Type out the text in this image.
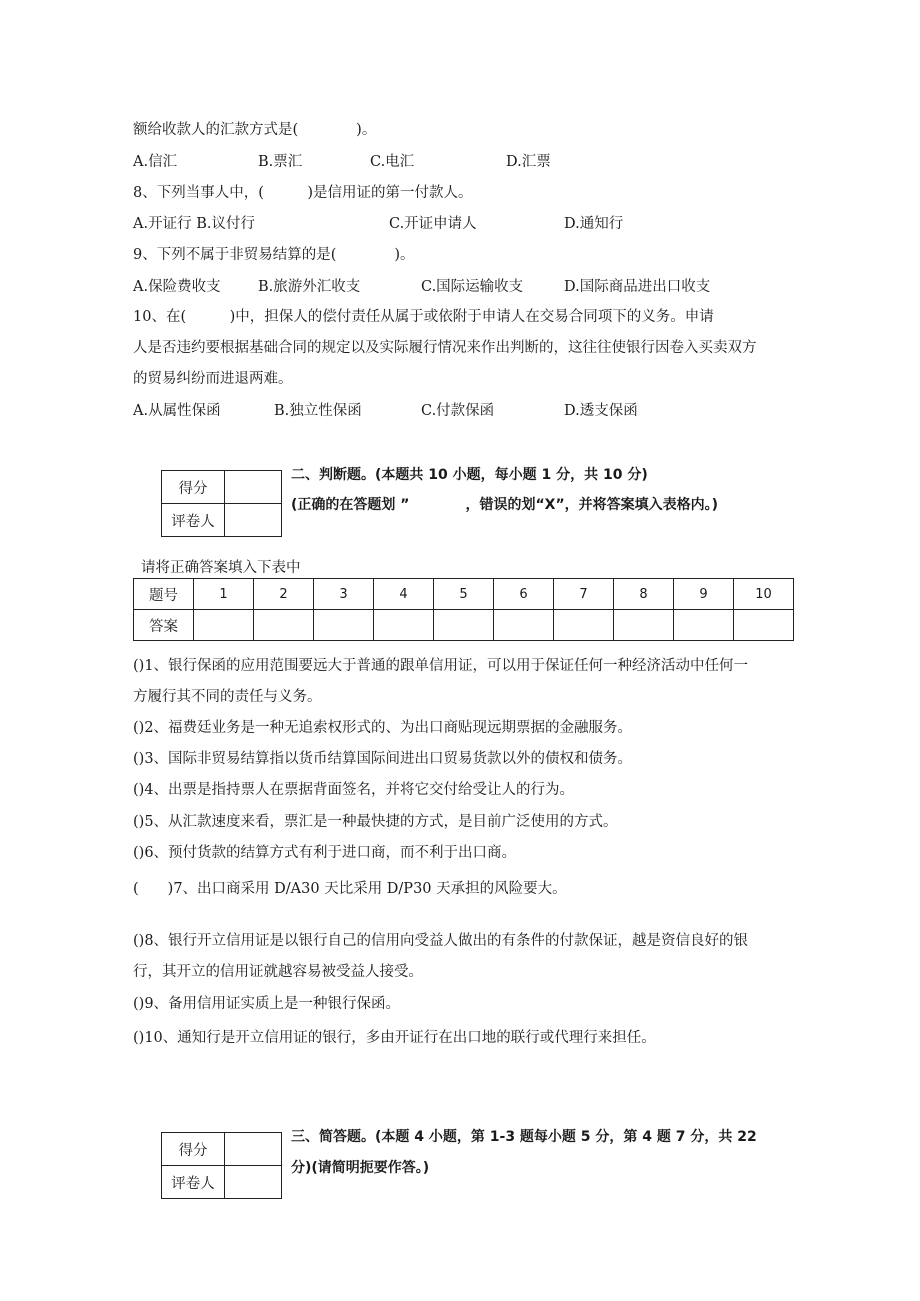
额给收款人的汇款方式是(　　　　)。
A.信汇	B.票汇	C.电汇	D.汇票
8、下列当事人中，(　　　)是信用证的第一付款人。
A.开证行 B.议付行	C.开证申请人	D.通知行
9、下列不属于非贸易结算的是(　　　　)。
A.保险费收支	B.旅游外汇收支	C.国际运输收支	D.国际商品进出口收支
10、在(　　　)中，担保人的偿付责任从属于或依附于申请人在交易合同项下的义务。申请
人是否违约要根据基础合同的规定以及实际履行情况来作出判断的，这往往使银行因卷入买卖双方
的贸易纠纷而进退两难。
A.从属性保函	B.独立性保函	C.付款保函	D.透支保函
得分	
评卷人	
二、判断题。(本题共 10 小题，每小题 1 分，共 10 分)
(正确的在答题划 ”　　　　，错误的划“X”，并将答案填入表格内。)
请将正确答案填入下表中
题号	1	2	3	4	5	6	7	8	9	10
答案										
()1、银行保函的应用范围要远大于普通的跟单信用证，可以用于保证任何一种经济活动中任何一
方履行其不同的责任与义务。
()2、福费廷业务是一种无追索权形式的、为出口商贴现远期票据的金融服务。
()3、国际非贸易结算指以货币结算国际间进出口贸易货款以外的债权和债务。
()4、出票是指持票人在票据背面签名，并将它交付给受让人的行为。
()5、从汇款速度来看，票汇是一种最快捷的方式，是目前广泛使用的方式。
()6、预付货款的结算方式有利于进口商，而不利于出口商。
(　　)7、出口商采用 D/A30 天比采用 D/P30 天承担的风险要大。
()8、银行开立信用证是以银行自己的信用向受益人做出的有条件的付款保证，越是资信良好的银
行，其开立的信用证就越容易被受益人接受。
()9、备用信用证实质上是一种银行保函。
()10、通知行是开立信用证的银行，多由开证行在出口地的联行或代理行来担任。
得分	
评卷人	
三、简答题。(本题 4 小题，第 1-3 题每小题 5 分，第 4 题 7 分，共 22
分)(请简明扼要作答。)
